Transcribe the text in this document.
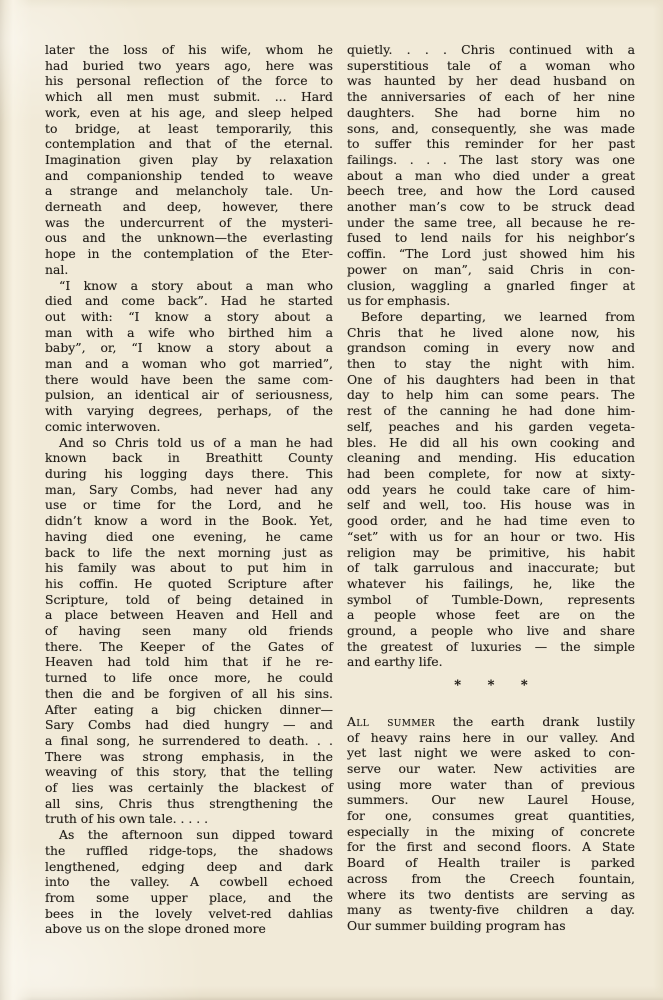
later the loss of his wife, whom he
had buried two years ago, here was
his personal reflection of the force to
which all men must submit. ... Hard
work, even at his age, and sleep helped
to bridge, at least temporarily, this
contemplation and that of the eternal.
Imagination given play by relaxation
and companionship tended to weave
a strange and melancholy tale. Un-
derneath and deep, however, there
was the undercurrent of the mysteri-
ous and the unknown—the everlasting
hope in the contemplation of the Eter-
nal.
“I know a story about a man who
died and come back”. Had he started
out with: “I know a story about a
man with a wife who birthed him a
baby”, or, “I know a story about a
man and a woman who got married”,
there would have been the same com-
pulsion, an identical air of seriousness,
with varying degrees, perhaps, of the
comic interwoven.
And so Chris told us of a man he had
known back in Breathitt County
during his logging days there. This
man, Sary Combs, had never had any
use or time for the Lord, and he
didn’t know a word in the Book. Yet,
having died one evening, he came
back to life the next morning just as
his family was about to put him in
his coffin. He quoted Scripture after
Scripture, told of being detained in
a place between Heaven and Hell and
of having seen many old friends
there. The Keeper of the Gates of
Heaven had told him that if he re-
turned to life once more, he could
then die and be forgiven of all his sins.
After eating a big chicken dinner—
Sary Combs had died hungry — and
a final song, he surrendered to death. . .
There was strong emphasis, in the
weaving of this story, that the telling
of lies was certainly the blackest of
all sins, Chris thus strengthening the
truth of his own tale. . . . .
As the afternoon sun dipped toward
the ruffled ridge-tops, the shadows
lengthened, edging deep and dark
into the valley. A cowbell echoed
from some upper place, and the
bees in the lovely velvet-red dahlias
above us on the slope droned more
quietly. . . . Chris continued with a
superstitious tale of a woman who
was haunted by her dead husband on
the anniversaries of each of her nine
daughters. She had borne him no
sons, and, consequently, she was made
to suffer this reminder for her past
failings. . . . The last story was one
about a man who died under a great
beech tree, and how the Lord caused
another man’s cow to be struck dead
under the same tree, all because he re-
fused to lend nails for his neighbor’s
coffin. “The Lord just showed him his
power on man”, said Chris in con-
clusion, waggling a gnarled finger at
us for emphasis.
Before departing, we learned from
Chris that he lived alone now, his
grandson coming in every now and
then to stay the night with him.
One of his daughters had been in that
day to help him can some pears. The
rest of the canning he had done him-
self, peaches and his garden vegeta-
bles. He did all his own cooking and
cleaning and mending. His education
had been complete, for now at sixty-
odd years he could take care of him-
self and well, too. His house was in
good order, and he had time even to
“set” with us for an hour or two. His
religion may be primitive, his habit
of talk garrulous and inaccurate; but
whatever his failings, he, like the
symbol of Tumble-Down, represents
a people whose feet are on the
ground, a people who live and share
the greatest of luxuries — the simple
and earthy life.
* * *
All summer the earth drank lustily
of heavy rains here in our valley. And
yet last night we were asked to con-
serve our water. New activities are
using more water than of previous
summers. Our new Laurel House,
for one, consumes great quantities,
especially in the mixing of concrete
for the first and second floors. A State
Board of Health trailer is parked
across from the Creech fountain,
where its two dentists are serving as
many as twenty-five children a day.
Our summer building program has
